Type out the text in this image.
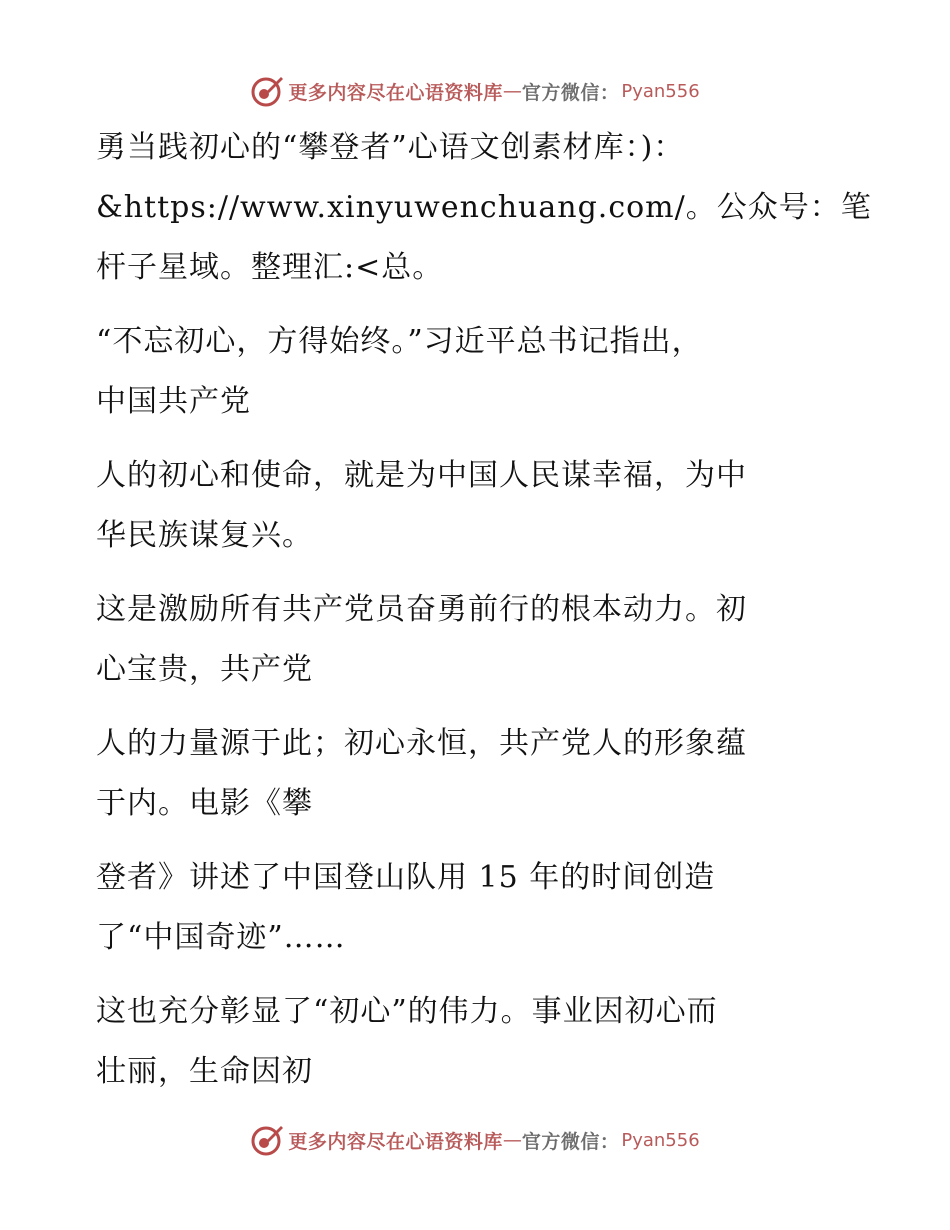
更多内容尽在心语资料库 — 官方微信： Pyan556
勇当践初心的“攀登者”心语文创素材库：)：
&https://www.xinyuwenchuang.com/。公众号：笔
杆子星域。整理汇:<总。
“不忘初心，方得始终。”习近平总书记指出，
中国共产党
人的初心和使命，就是为中国人民谋幸福，为中
华民族谋复兴。
这是激励所有共产党员奋勇前行的根本动力。初
心宝贵，共产党
人的力量源于此；初心永恒，共产党人的形象蕴
于内。电影《攀
登者》讲述了中国登山队用 15 年的时间创造
了“中国奇迹”……
这也充分彰显了“初心”的伟力。事业因初心而
壮丽，生命因初
更多内容尽在心语资料库 — 官方微信： Pyan556
